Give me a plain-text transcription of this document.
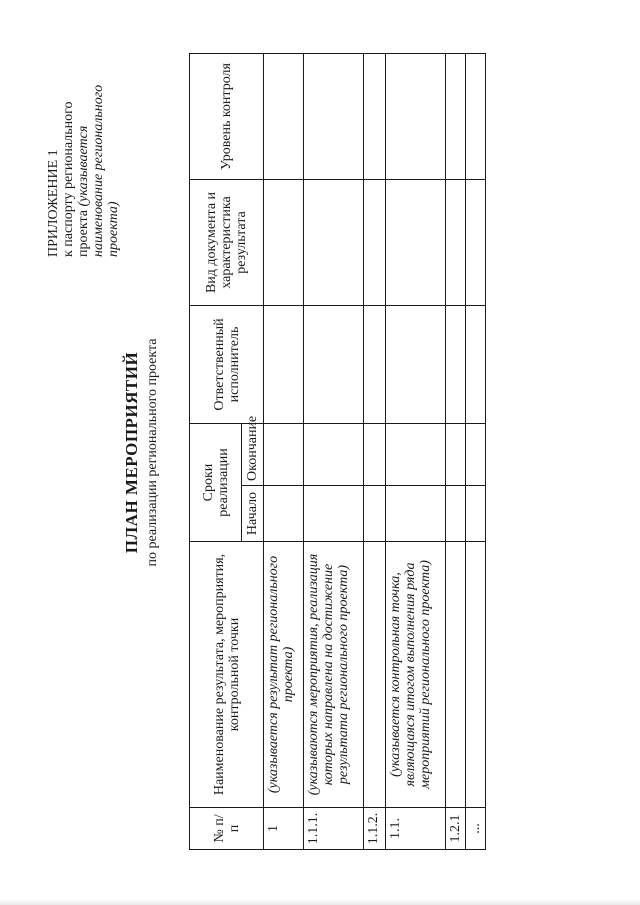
ПРИЛОЖЕНИЕ 1 к паспорту регионального проекта (указывается наименование регионального проекта)
ПЛАН МЕРОПРИЯТИЙ по реализации регионального проекта
№ п/п	Наименование результата, мероприятия, контрольной точки	Сроки реализации		Ответственный исполнитель	Вид документа и характеристика результата	Уровень контроля
		Начало	Окончание			
1	(указывается результат регионального проекта)					
1.1.1.	(указываются мероприятия, реализация которых направлена на достижение результата регионального проекта)					
1.1.2.						
1.1.	(указывается контрольная точка, являющаяся итогом выполнения ряда мероприятий регионального проекта)					
1.2.1						
...						
